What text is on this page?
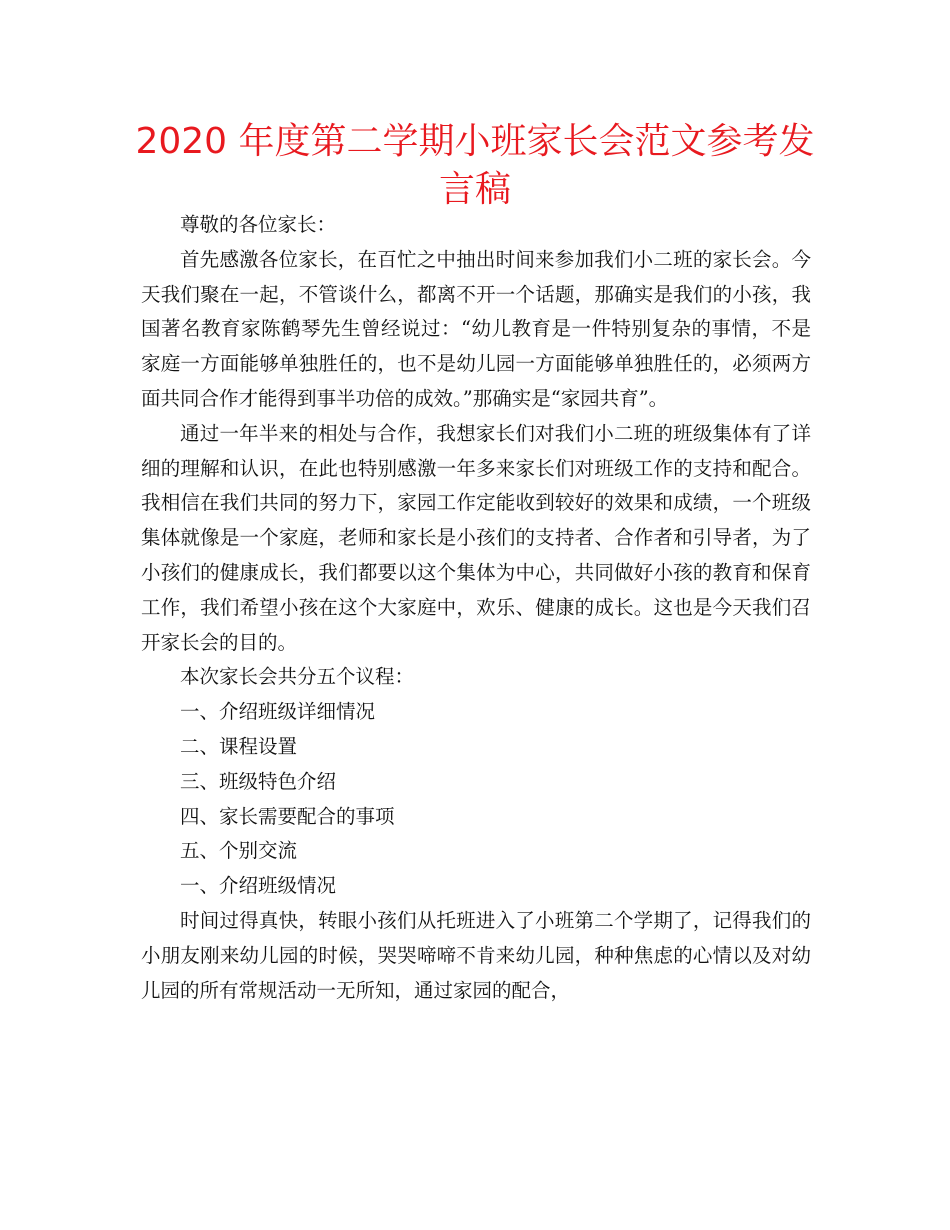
2020 年度第二学期小班家长会范文参考发言稿

尊敬的各位家长：

首先感激各位家长，在百忙之中抽出时间来参加我们小二班的家长会。今天我们聚在一起，不管谈什么，都离不开一个话题，那确实是我们的小孩，我国著名教育家陈鹤琴先生曾经说过：“幼儿教育是一件特别复杂的事情，不是家庭一方面能够单独胜任的，也不是幼儿园一方面能够单独胜任的，必须两方面共同合作才能得到事半功倍的成效。”那确实是“家园共育”。

通过一年半来的相处与合作，我想家长们对我们小二班的班级集体有了详细的理解和认识，在此也特别感激一年多来家长们对班级工作的支持和配合。我相信在我们共同的努力下，家园工作定能收到较好的效果和成绩，一个班级集体就像是一个家庭，老师和家长是小孩们的支持者、合作者和引导者，为了小孩们的健康成长，我们都要以这个集体为中心，共同做好小孩的教育和保育工作，我们希望小孩在这个大家庭中，欢乐、健康的成长。这也是今天我们召开家长会的目的。

本次家长会共分五个议程：

一、介绍班级详细情况

二、课程设置

三、班级特色介绍

四、家长需要配合的事项

五、个别交流

一、介绍班级情况

时间过得真快，转眼小孩们从托班进入了小班第二个学期了，记得我们的小朋友刚来幼儿园的时候，哭哭啼啼不肯来幼儿园，种种焦虑的心情以及对幼儿园的所有常规活动一无所知，通过家园的配合，
